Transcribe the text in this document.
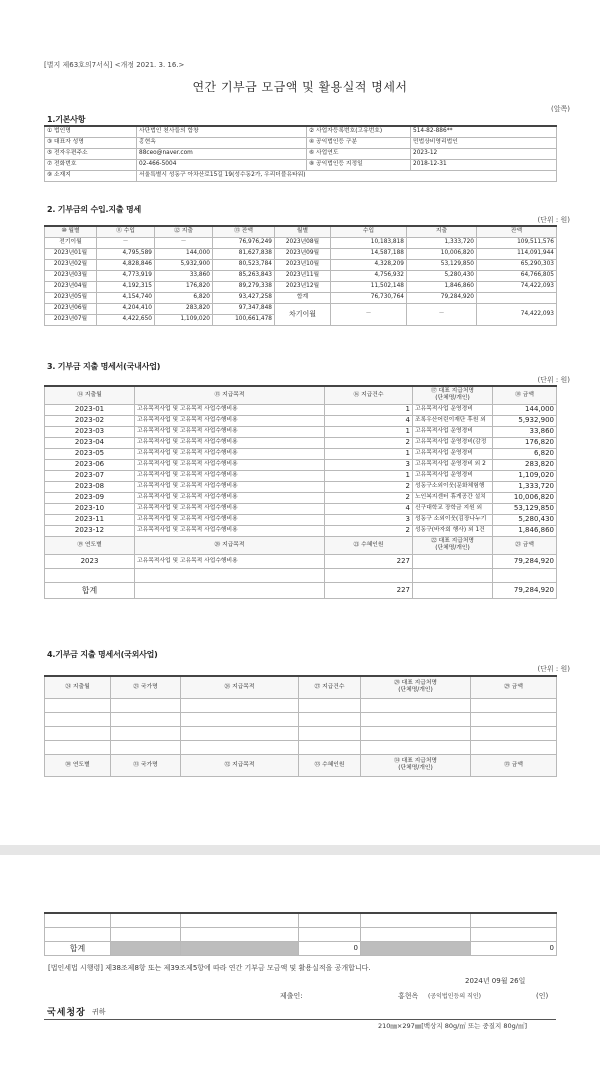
[별지 제63호의7서식] <개정 2021. 3. 16.>
연간 기부금 모금액 및 활용실적 명세서
(앞쪽)
1.기본사항
① 법인명	사단법인 천사들의 합창	② 사업자등록번호(고유번호)	514-82-886**
③ 대표자 성명	홍현옥	④ 공익법인등 구분	민법상비영리법인
⑤ 전자우편주소	88ceo@naver.com	⑥ 사업연도	2023-12
⑦ 전화번호	02-466-5004	⑧ 공익법인등 지정일	2018-12-31
⑨ 소재지	서울특별시 성동구 아차산로15길 19(성수동2가, 우리더블유타워)		
2. 기부금의 수입.지출 명세
(단위 : 원)
⑩ 월별	⑪ 수입	⑫ 지출	⑬ 잔액	월별	수입	지출	잔액
전기이월	－	－	76,976,249	2023년08월	10,183,818	1,333,720	109,511,576
2023년01월	4,795,589	144,000	81,627,838	2023년09월	14,587,188	10,006,820	114,091,944
2023년02월	4,828,846	5,932,900	80,523,784	2023년10월	4,328,209	53,129,850	65,290,303
2023년03월	4,773,919	33,860	85,263,843	2023년11월	4,756,932	5,280,430	64,766,805
2023년04월	4,192,315	176,820	89,279,338	2023년12월	11,502,148	1,846,860	74,422,093
2023년05월	4,154,740	6,820	93,427,258	합계	76,730,764	79,284,920	
2023년06월	4,204,410	283,820	97,347,848	차기이월	－	－	74,422,093
2023년07월	4,422,650	1,109,020	100,661,478				
3. 기부금 지출 명세서(국내사업)
(단위 : 원)
⑭ 지출월	⑮ 지급목적	⑯ 지급건수	⑰ 대표 지급처명
(단체명/개인)	⑱ 금액
2023-01	고유목적사업 및 고유목적 사업수행비용	1	고유목적사업 운영경비	144,000
2023-02	고유목적사업 및 고유목적 사업수행비용	4	조록우산어린이재단 후원 외	5,932,900
2023-03	고유목적사업 및 고유목적 사업수행비용	1	고유목적사업 운영경비	33,860
2023-04	고유목적사업 및 고유목적 사업수행비용	2	고유목적사업 운영경비(감정	176,820
2023-05	고유목적사업 및 고유목적 사업수행비용	1	고유목적사업 운영경비	6,820
2023-06	고유목적사업 및 고유목적 사업수행비용	3	고유목적사업 운영경비 외 2	283,820
2023-07	고유목적사업 및 고유목적 사업수행비용	1	고유목적사업 운영경비	1,109,020
2023-08	고유목적사업 및 고유목적 사업수행비용	2	성동구소외이웃(문화체험행	1,333,720
2023-09	고유목적사업 및 고유목적 사업수행비용	2	노인복지센터 휴게공간 설치	10,006,820
2023-10	고유목적사업 및 고유목적 사업수행비용	4	신구대학교 장학금 지원 외	53,129,850
2023-11	고유목적사업 및 고유목적 사업수행비용	3	성동구 소외이웃(김장나누기	5,280,430
2023-12	고유목적사업 및 고유목적 사업수행비용	2	성동구(바자회 행사) 외 1건	1,846,860
⑲ 연도별	⑳ 지급목적	㉑ 수혜인원	㉒ 대표 지급처명
(단체명/개인)	㉓ 금액
2023	고유목적사업 및 고유목적 사업수행비용	227		79,284,920

합계		227		79,284,920
4.기부금 지출 명세서(국외사업)
(단위 : 원)
㉔ 지출월	㉕ 국가명	㉖ 지급목적	㉗ 지급건수	㉘ 대표 지급처명
(단체명/개인)	㉙ 금액

㉚ 연도별	㉛ 국가명	㉜ 지급목적	㉝ 수혜인원	㉞ 대표 지급처명
(단체명/개인)	㉟ 금액

합계			0		0
[법인세법 시행령] 제38조제8항 또는 제39조제5항에 따라 연간 기부금 모금액 및 활용실적을 공개합니다.
2024년 09월 26일
제출인:	홍현옥 (공익법인등의 직인)	(인)
국세청장 귀하
210㎜×297㎜[백상지 80g/㎡ 또는 중질지 80g/㎡]
